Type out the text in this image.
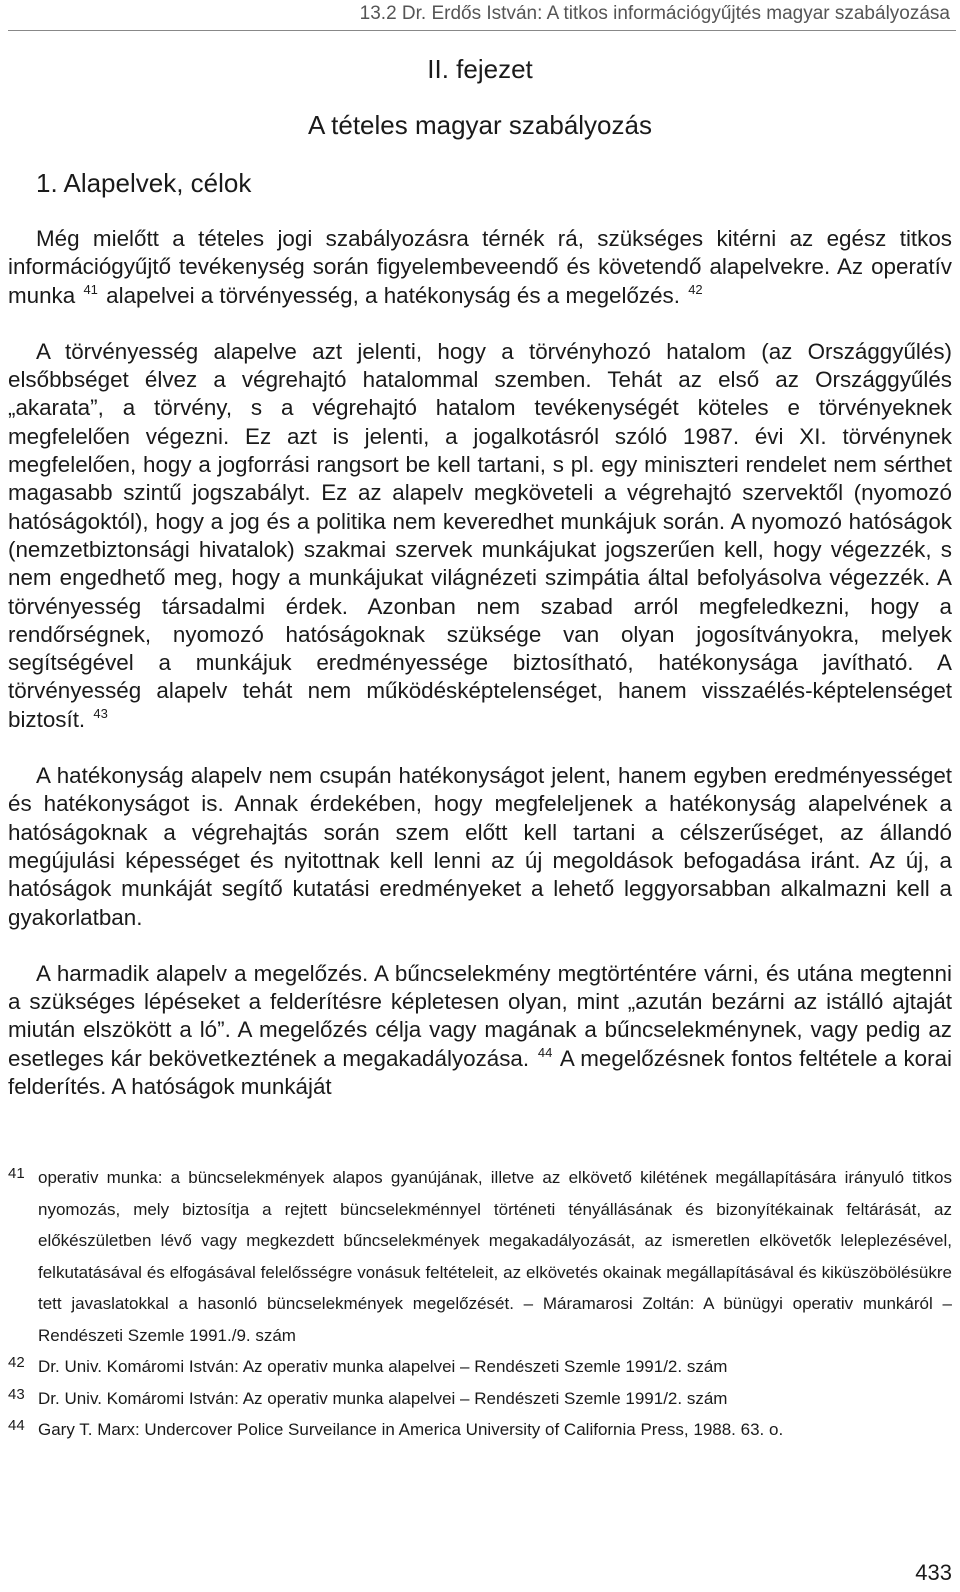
13.2 Dr. Erdős István: A titkos információgyűjtés magyar szabályozása
II. fejezet
A tételes magyar szabályozás
1. Alapelvek, célok

Még mielőtt a tételes jogi szabályozásra térnék rá, szükséges kitérni az egész titkos információgyűjtő tevékenység során figyelembeveendő és követendő alapelvekre. Az operatív munka $^{41}$ alapelvei a törvényesség, a hatékonyság és a megelőzés. $^{42}$

A törvényesség alapelve azt jelenti, hogy a törvényhozó hatalom (az Országgyűlés) elsőbbséget élvez a végrehajtó hatalommal szemben. Tehát az első az Országgyűlés „akarata”, a törvény, s a végrehajtó hatalom tevékenységét köteles e törvényeknek megfelelően végezni. Ez azt is jelenti, a jogalkotásról szóló 1987. évi XI. törvénynek megfelelően, hogy a jogforrási rangsort be kell tartani, s pl. egy miniszteri rendelet nem sérthet magasabb szintű jogszabályt. Ez az alapelv megköveteli a végrehajtó szervektől (nyomozó hatóságoktól), hogy a jog és a politika nem keveredhet munkájuk során. A nyomozó hatóságok (nemzetbiztonsági hivatalok) szakmai szervek munkájukat jogszerűen kell, hogy végezzék, s nem engedhető meg, hogy a munkájukat világnézeti szimpátia által befolyásolva végezzék. A törvényesség társadalmi érdek. Azonban nem szabad arról megfeledkezni, hogy a rendőrségnek, nyomozó hatóságoknak szüksége van olyan jogosítványokra, melyek segítségével a munkájuk eredményessége biztosítható, hatékonysága javítható. A törvényesség alapelv tehát nem működésképtelenséget, hanem visszaélés-képtelenséget biztosít. $^{43}$

A hatékonyság alapelv nem csupán hatékonyságot jelent, hanem egyben eredményességet és hatékonyságot is. Annak érdekében, hogy megfeleljenek a hatékonyság alapelvének a hatóságoknak a végrehajtás során szem előtt kell tartani a célszerűséget, az állandó megújulási képességet és nyitottnak kell lenni az új megoldások befogadása iránt. Az új, a hatóságok munkáját segítő kutatási eredményeket a lehető leggyorsabban alkalmazni kell a gyakorlatban.

A harmadik alapelv a megelőzés. A bűncselekmény megtörténtére várni, és utána megtenni a szükséges lépéseket a felderítésre képletesen olyan, mint „azután bezárni az istálló ajtaját miután elszökött a ló”. A megelőzés célja vagy magának a bűncselekménynek, vagy pedig az esetleges kár bekövetkeztének a megakadályozása. $^{44}$ A megelőzésnek fontos feltétele a korai felderítés. A hatóságok munkáját

41 operativ munka: a büncselekmények alapos gyanújának, illetve az elkövető kilétének megállapítására irányuló titkos nyomozás, mely biztosítja a rejtett büncselekménnyel történeti tényállásának és bizonyítékainak feltárását, az előkészületben lévő vagy megkezdett bűncselekmények megakadályozását, az ismeretlen elkövetők leleplezésével, felkutatásával és elfogásával felelősségre vonásuk feltételeit, az elkövetés okainak megállapításával és kiküszöbölésükre tett javaslatokkal a hasonló büncselekmények megelőzését. – Máramarosi Zoltán: A bünügyi operativ munkáról – Rendészeti Szemle 1991./9. szám
42 Dr. Univ. Komáromi István: Az operativ munka alapelvei – Rendészeti Szemle 1991/2. szám
43 Dr. Univ. Komáromi István: Az operativ munka alapelvei – Rendészeti Szemle 1991/2. szám
44 Gary T. Marx: Undercover Police Surveilance in America University of California Press, 1988. 63. o.
433
